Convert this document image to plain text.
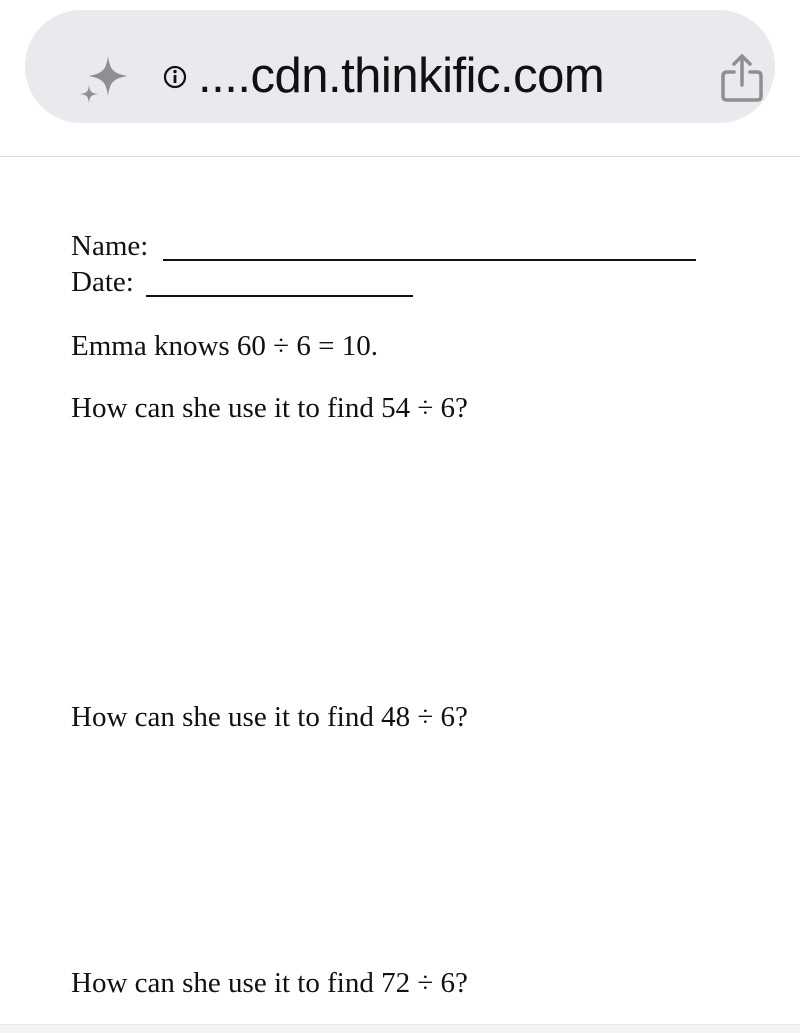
....cdn.thinkific.com
Name:
Date:
Emma knows 60 ÷ 6 = 10.
How can she use it to find 54 ÷ 6?
How can she use it to find 48 ÷ 6?
How can she use it to find 72 ÷ 6?
